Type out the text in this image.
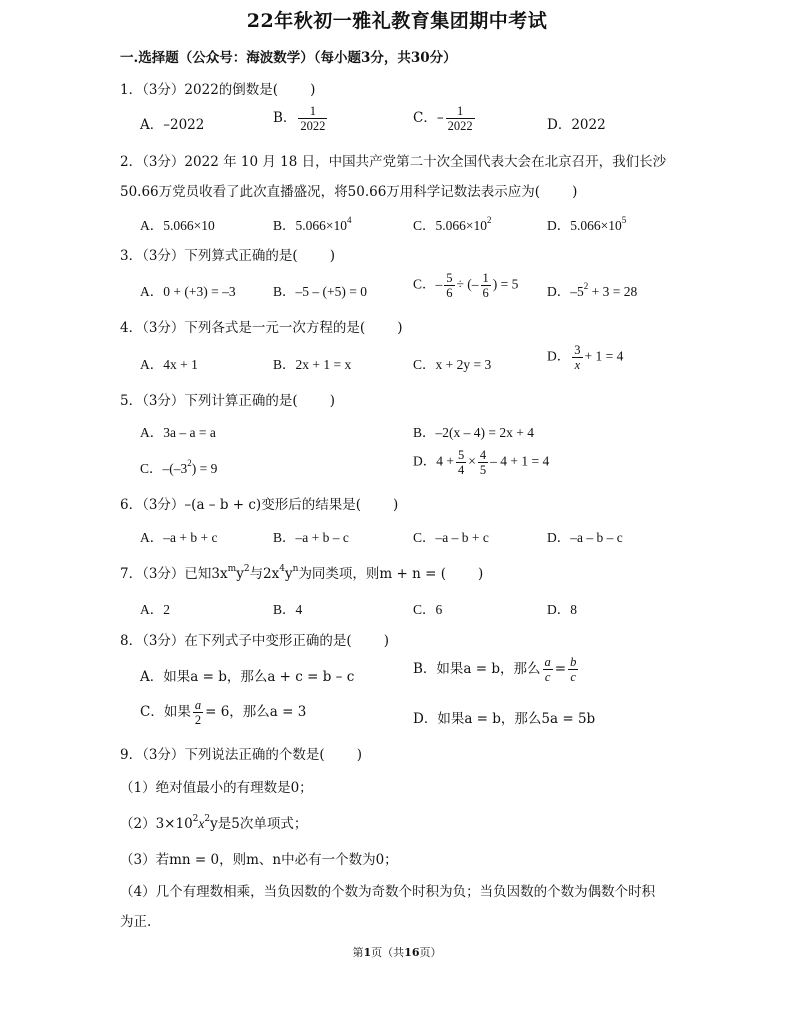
22年秋初一雅礼教育集团期中考试
一.选择题（公众号：海波数学）（每小题3分，共30分）
1．（3分）2022的倒数是( )
A．–2022	B． $\frac{1}{2022}$	C．– $\frac{1}{2022}$	D．2022
2．（3分）2022 年 10 月 18 日，中国共产党第二十次全国代表大会在北京召开，我们长沙
50.66万党员收看了此次直播盛况，将50.66万用科学记数法表示应为( )
A．5.066×10	B．$5.066\times 10^4$	C．$5.066\times 10^2$	D．$5.066\times 10^5$
3．（3分）下列算式正确的是( )
A．0 + (+3) = –3	B．–5 – (+5) = 0	C．– $\frac{5}{6}$ ÷ (– $\frac{1}{6}$ ) = 5 D．$-5^2 + 3 = 28$
4．（3分）下列各式是一元一次方程的是( )
A．4x + 1	B．2x + 1 = x	C．x + 2y = 3
D． $\frac{3}{x} + 1 = 4$
5．（3分）下列计算正确的是( )
A．3a – a = a	B．–2(x – 4) = 2x + 4
C．$-(-3^2) = 9$	D．$4 + \frac{5}{4} \times \frac{4}{5} - 4 + 1 = 4$
6．（3分）–(a – b + c)变形后的结果是( )
A．–a + b + c	B．–a + b – c	C．–a – b + c	D．–a – b – c
7．（3分）已知$3x^my^2$与$2x^4y^n$为同类项，则m + n = ( )
A．2	B．4	C．6	D．8
8．（3分）在下列式子中变形正确的是( )
A．如果a = b，那么a + c = b – c	B．如果a = b，那么 $\frac{a}{c} = \frac{b}{c}$
C．如果 $\frac{a}{2} = 6$，那么a = 3	D．如果a = b，那么5a = 5b
9．（3分）下列说法正确的个数是( )
（1）绝对值最小的有理数是0；
$(2)3\times 10^2x^2y$是5次单项式；
（3）若mn = 0，则m、n中必有一个数为0；
（4）几个有理数相乘，当负因数的个数为奇数个时积为负；当负因数的个数为偶数个时积
为正.
第1页（共16页）
